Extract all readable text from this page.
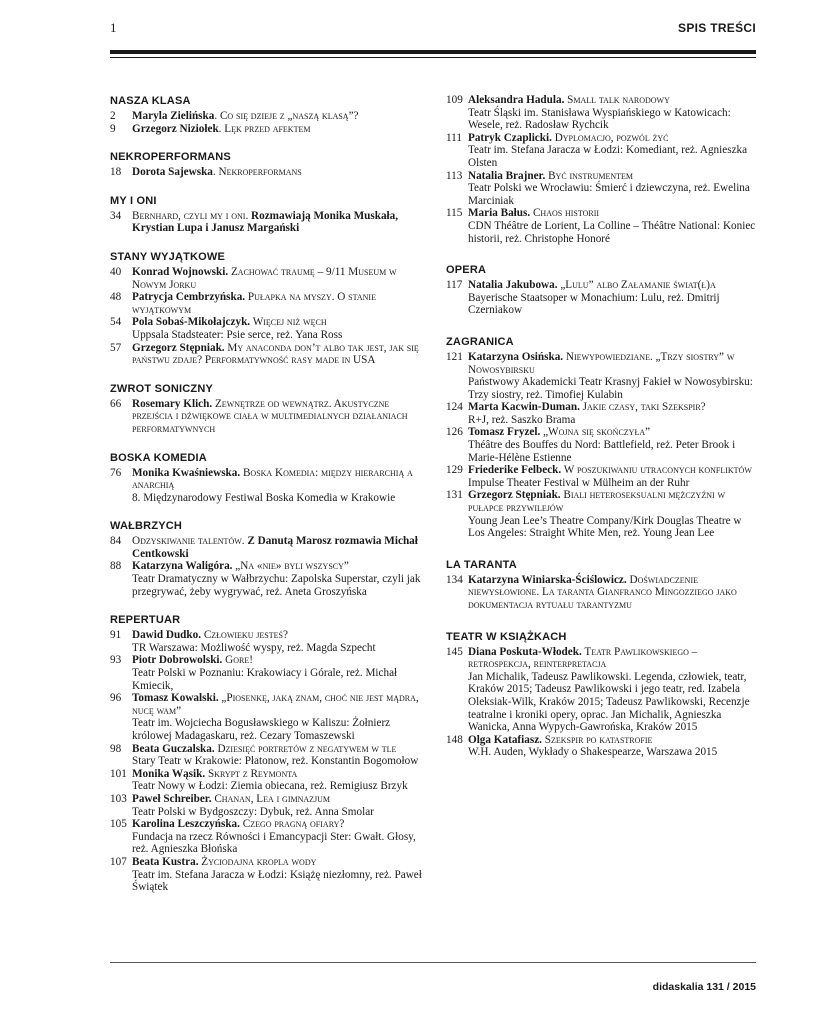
1	SPIS TREŚCI
NASZA KLASA
2	Maryla Zielińska. Co się dzieje z „naszą klasą”?
9	Grzegorz Niziołek. Lęk przed afektem
NEKROPERFORMANS
18 Dorota Sajewska. Nekroperformans
MY I ONI
34 Bernhard, czyli my i oni. Rozmawiają Monika Muskała, Krystian Lupa i Janusz Margański
STANY WYJĄTKOWE
40 Konrad Wojnowski. Zachować traumę – 9/11 Museum w Nowym Jorku
48 Patrycja Cembrzyńska. Pułapka na myszy. O stanie wyjątkowym
54 Pola Sobaś-Mikołajczyk. Więcej niż węch
Uppsala Stadsteater: Psie serce, reż. Yana Ross
57 Grzegorz Stępniak. My anaconda don’t albo tak jest, jak się państwu zdaje? Performatywność rasy made in USA
ZWROT SONICZNY
66 Rosemary Klich. Zewnętrze od wewnątrz. Akustyczne przejścia i dźwiękowe ciała w multimedialnych działaniach performatywnych
BOSKA KOMEDIA
76 Monika Kwaśniewska. Boska Komedia: między hierarchią a anarchią
8. Międzynarodowy Festiwal Boska Komedia w Krakowie
WAŁBRZYCH
84 Odzyskiwanie talentów. Z Danutą Marosz rozmawia Michał Centkowski
88 Katarzyna Waligóra. „Na «nie» byli wszyscy”
Teatr Dramatyczny w Wałbrzychu: Zapolska Superstar, czyli jak przegrywać, żeby wygrywać, reż. Aneta Groszyńska
REPERTUAR
91 Dawid Dudko. Człowieku jesteś?
TR Warszawa: Możliwość wyspy, reż. Magda Szpecht
93 Piotr Dobrowolski. Gore!
Teatr Polski w Poznaniu: Krakowiacy i Górale, reż. Michał Kmiecik,
96 Tomasz Kowalski. „Piosenkę, jaką znam, choć nie jest mądra, nucę wam”
Teatr im. Wojciecha Bogusławskiego w Kaliszu: Żołnierz królowej Madagaskaru, reż. Cezary Tomaszewski
98 Beata Guczalska. Dziesięć portretów z negatywem w tle
Stary Teatr w Krakowie: Płatonow, reż. Konstantin Bogomołow
101 Monika Wąsik. Skrypt z Reymonta
Teatr Nowy w Łodzi: Ziemia obiecana, reż. Remigiusz Brzyk
103 Paweł Schreiber. Chanan, Lea i gimnazjum
Teatr Polski w Bydgoszczy: Dybuk, reż. Anna Smolar
105 Karolina Leszczyńska. Czego pragną ofiary?
Fundacja na rzecz Równości i Emancypacji Ster: Gwałt. Głosy, reż. Agnieszka Błońska
107 Beata Kustra. Życiodajna kropla wody
Teatr im. Stefana Jaracza w Łodzi: Książę niezłomny, reż. Paweł Świątek
109 Aleksandra Hadula. Small talk narodowy
Teatr Śląski im. Stanisława Wyspiańskiego w Katowicach: Wesele, reż. Radosław Rychcik
111 Patryk Czaplicki. Dyplomacjo, pozwól żyć
Teatr im. Stefana Jaracza w Łodzi: Komediant, reż. Agnieszka Olsten
113 Natalia Brajner. Być instrumentem
Teatr Polski we Wrocławiu: Śmierć i dziewczyna, reż. Ewelina Marciniak
115 Maria Bałus. Chaos historii
CDN Théâtre de Lorient, La Colline – Théâtre National: Koniec historii, reż. Christophe Honoré
OPERA
117 Natalia Jakubowa. „Lulu” albo Załamanie świat(ł)a
Bayerische Staatsoper w Monachium: Lulu, reż. Dmitrij Czerniakow
ZAGRANICA
121 Katarzyna Osińska. Niewypowiedziane. „Trzy siostry” w Nowosybirsku
Państwowy Akademicki Teatr Krasnyj Fakieł w Nowosybirsku: Trzy siostry, reż. Timofiej Kulabin
124 Marta Kacwin-Duman. Jakie czasy, taki Szekspir?
R+J, reż. Saszko Brama
126 Tomasz Fryzel. „Wojna się skończyła”
Théâtre des Bouffes du Nord: Battlefield, reż. Peter Brook i Marie-Hélène Estienne
129 Friederike Felbeck. W poszukiwaniu utraconych konfliktów
Impulse Theater Festival w Mülheim an der Ruhr
131 Grzegorz Stępniak. Biali heteroseksualni mężczyźni w pułapce przywilejów
Young Jean Lee’s Theatre Company/Kirk Douglas Theatre w Los Angeles: Straight White Men, reż. Young Jean Lee
LA TARANTA
134 Katarzyna Winiarska-Ściślowicz. Doświadczenie niewysłowione. La taranta Gianfranco Mingozziego jako dokumentacja rytuału tarantyzmu
TEATR W KSIĄŻKACH
145 Diana Poskuta-Włodek. Teatr Pawlikowskiego – retrospekcja, reinterpretacja
Jan Michalik, Tadeusz Pawlikowski. Legenda, człowiek, teatr, Kraków 2015; Tadeusz Pawlikowski i jego teatr, red. Izabela Oleksiak-Wilk, Kraków 2015; Tadeusz Pawlikowski, Recenzje teatralne i kroniki opery, oprac. Jan Michalik, Agnieszka Wanicka, Anna Wypych-Gawrońska, Kraków 2015
148 Olga Katafiasz. Szekspir po katastrofie
W.H. Auden, Wykłady o Shakespearze, Warszawa 2015
didaskalia 131 / 2015
